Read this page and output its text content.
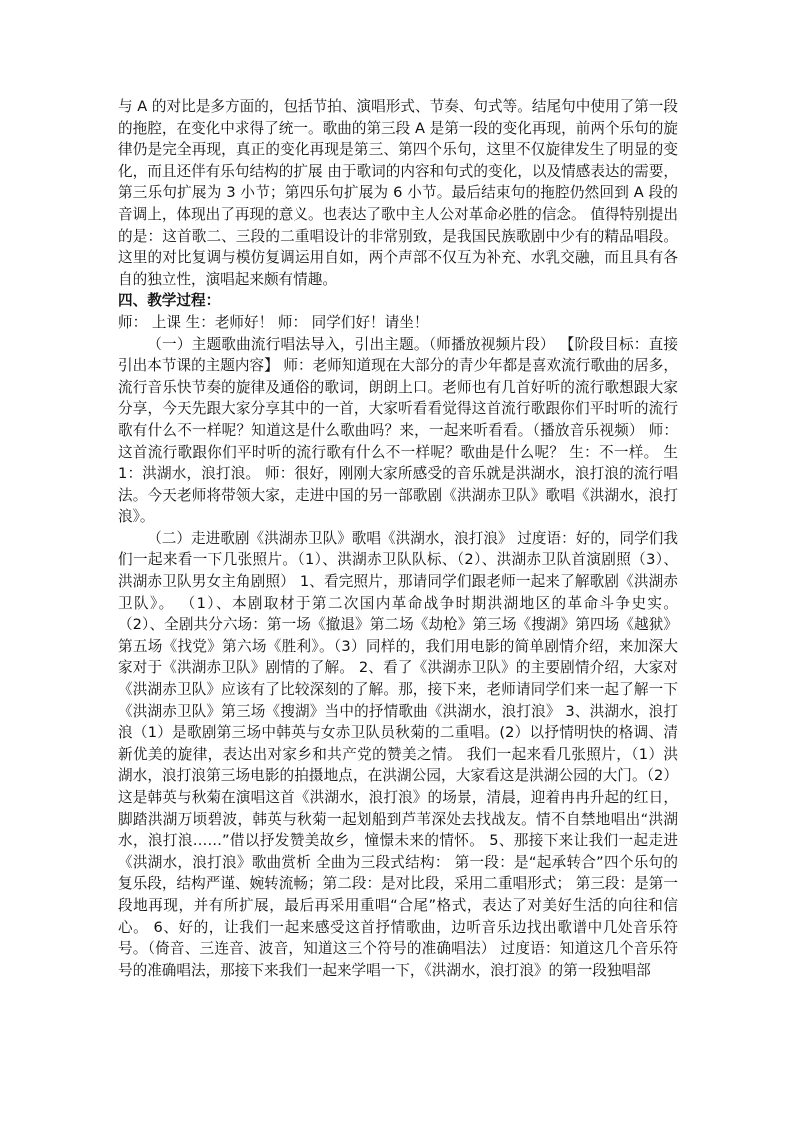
与 A 的对比是多方面的，包括节拍、演唱形式、节奏、句式等。结尾句中使用了第一段的拖腔，在变化中求得了统一。歌曲的第三段 A 是第一段的变化再现，前两个乐句的旋律仍是完全再现，真正的变化再现是第三、第四个乐句，这里不仅旋律发生了明显的变化，而且还伴有乐句结构的扩展 由于歌词的内容和句式的变化，以及情感表达的需要，第三乐句扩展为 3 小节；第四乐句扩展为 6 小节。最后结束句的拖腔仍然回到 A 段的音调上，体现出了再现的意义。也表达了歌中主人公对革命必胜的信念。 值得特别提出的是：这首歌二、三段的二重唱设计的非常别致，是我国民族歌剧中少有的精品唱段。这里的对比复调与模仿复调运用自如，两个声部不仅互为补充、水乳交融，而且具有各自的独立性，演唱起来颇有情趣。

四、教学过程：

师： 上课 生：老师好！ 师： 同学们好！请坐！

（一）主题歌曲流行唱法导入，引出主题。（师播放视频片段） 【阶段目标：直接引出本节课的主题内容】 师：老师知道现在大部分的青少年都是喜欢流行歌曲的居多，流行音乐快节奏的旋律及通俗的歌词，朗朗上口。老师也有几首好听的流行歌想跟大家分享，今天先跟大家分享其中的一首，大家听看看觉得这首流行歌跟你们平时听的流行歌有什么不一样呢？知道这是什么歌曲吗？来，一起来听看看。（播放音乐视频） 师：这首流行歌跟你们平时听的流行歌有什么不一样呢？歌曲是什么呢？ 生：不一样。 生 1：洪湖水，浪打浪。 师：很好，刚刚大家所感受的音乐就是洪湖水，浪打浪的流行唱法。今天老师将带领大家，走进中国的另一部歌剧《洪湖赤卫队》歌唱《洪湖水，浪打浪》。

（二）走进歌剧《洪湖赤卫队》歌唱《洪湖水，浪打浪》 过度语：好的，同学们我们一起来看一下几张照片。（1）、洪湖赤卫队队标、（2）、洪湖赤卫队首演剧照（3）、洪湖赤卫队男女主角剧照） 1、看完照片，那请同学们跟老师一起来了解歌剧《洪湖赤卫队》。 （1）、本剧取材于第二次国内革命战争时期洪湖地区的革命斗争史实。 （2）、全剧共分六场：第一场《撤退》第二场《劫枪》第三场《搜湖》第四场《越狱》第五场《找党》第六场《胜利》。（3）同样的，我们用电影的简单剧情介绍，来加深大家对于《洪湖赤卫队》剧情的了解。 2、看了《洪湖赤卫队》的主要剧情介绍，大家对《洪湖赤卫队》应该有了比较深刻的了解。那，接下来，老师请同学们来一起了解一下《洪湖赤卫队》第三场《搜湖》当中的抒情歌曲《洪湖水，浪打浪》 3、洪湖水，浪打浪（1）是歌剧第三场中韩英与女赤卫队员秋菊的二重唱。(2）以抒情明快的格调、清新优美的旋律，表达出对家乡和共产党的赞美之情。 我们一起来看几张照片，（1）洪湖水，浪打浪第三场电影的拍摄地点，在洪湖公园，大家看这是洪湖公园的大门。（2）这是韩英与秋菊在演唱这首《洪湖水，浪打浪》的场景，清晨，迎着冉冉升起的红日，脚踏洪湖万顷碧波，韩英与秋菊一起划船到芦苇深处去找战友。情不自禁地唱出“洪湖水，浪打浪……”借以抒发赞美故乡，憧憬未来的情怀。 5、那接下来让我们一起走进《洪湖水，浪打浪》歌曲赏析 全曲为三段式结构： 第一段：是“起承转合”四个乐句的复乐段，结构严谨、婉转流畅；第二段：是对比段，采用二重唱形式； 第三段：是第一段地再现，并有所扩展，最后再采用重唱“合尾”格式，表达了对美好生活的向往和信心。 6、好的，让我们一起来感受这首抒情歌曲，边听音乐边找出歌谱中几处音乐符号。（倚音、三连音、波音，知道这三个符号的准确唱法） 过度语：知道这几个音乐符号的准确唱法，那接下来我们一起来学唱一下，《洪湖水，浪打浪》的第一段独唱部
